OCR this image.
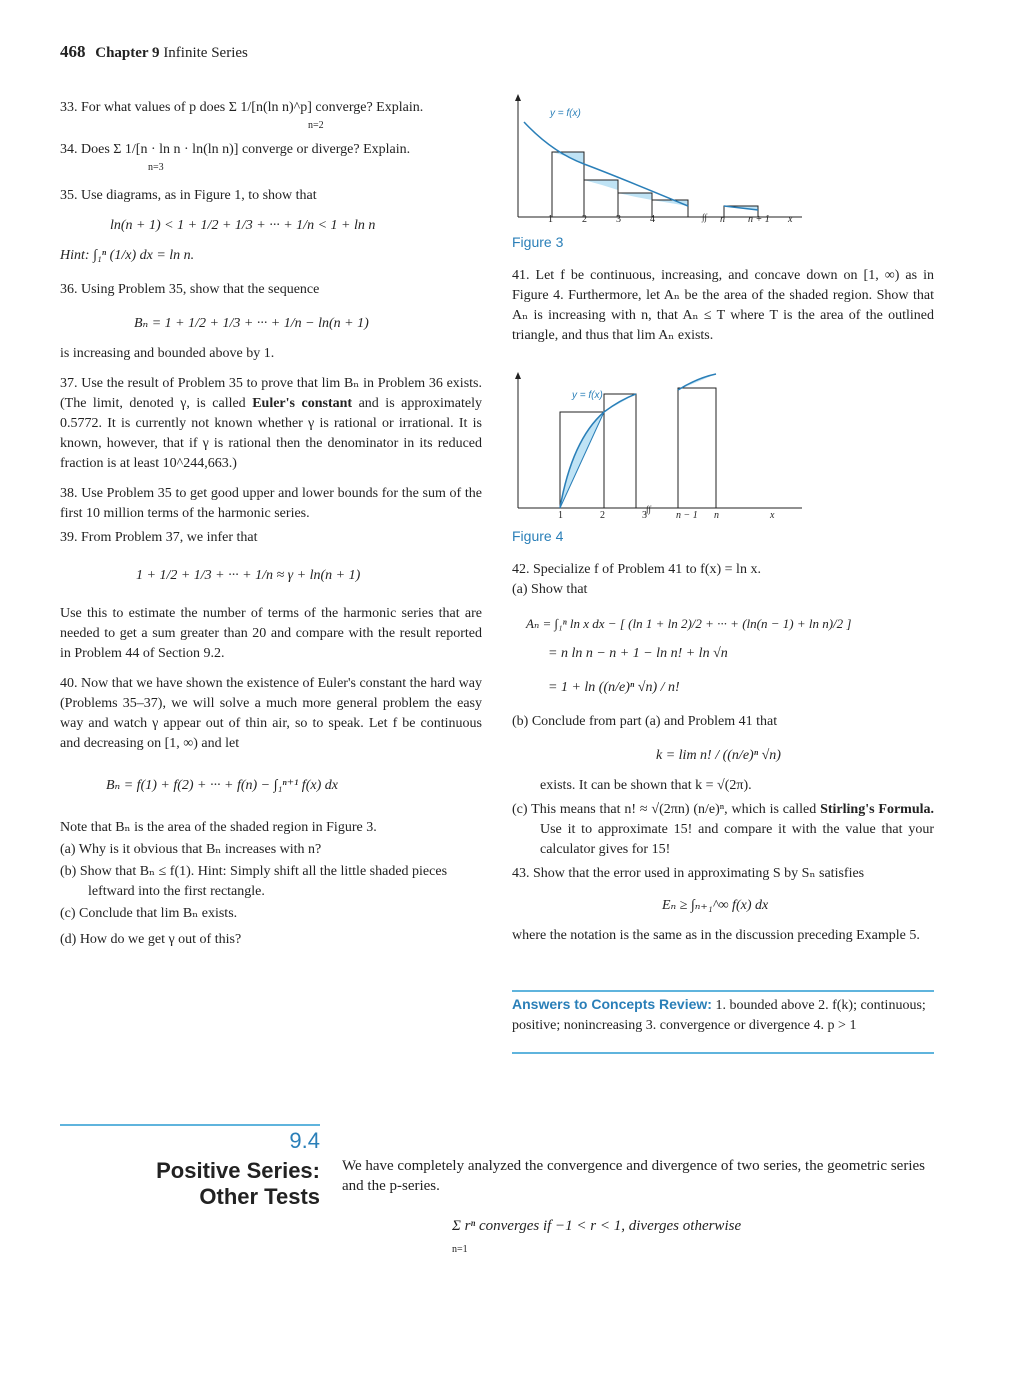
468 Chapter 9 Infinite Series

33. For what values of p does Σ 1/[n(ln n)^p] converge? Explain.

n=2

34. Does Σ 1/[n · ln n · ln(ln n)] converge or diverge? Explain.

n=3

35. Use diagrams, as in Figure 1, to show that

ln(n + 1) < 1 + 1/2 + 1/3 + ··· + 1/n < 1 + ln n

Hint: ∫₁ⁿ (1/x) dx = ln n.

36. Using Problem 35, show that the sequence

Bₙ = 1 + 1/2 + 1/3 + ··· + 1/n − ln(n + 1)

is increasing and bounded above by 1.

37. Use the result of Problem 35 to prove that lim Bₙ in Problem 36 exists. (The limit, denoted γ, is called Euler's constant and is approximately 0.5772. It is currently not known whether γ is rational or irrational. It is known, however, that if γ is rational then the denominator in its reduced fraction is at least 10^244,663.)

38. Use Problem 35 to get good upper and lower bounds for the sum of the first 10 million terms of the harmonic series.

39. From Problem 37, we infer that

1 + 1/2 + 1/3 + ··· + 1/n ≈ γ + ln(n + 1)

Use this to estimate the number of terms of the harmonic series that are needed to get a sum greater than 20 and compare with the result reported in Problem 44 of Section 9.2.

40. Now that we have shown the existence of Euler's constant the hard way (Problems 35–37), we will solve a much more general problem the easy way and watch γ appear out of thin air, so to speak. Let f be continuous and decreasing on [1, ∞) and let

Bₙ = f(1) + f(2) + ··· + f(n) − ∫₁ⁿ⁺¹ f(x) dx

Note that Bₙ is the area of the shaded region in Figure 3.

(a) Why is it obvious that Bₙ increases with n?

(b) Show that Bₙ ≤ f(1). Hint: Simply shift all the little shaded pieces leftward into the first rectangle.

(c) Conclude that lim Bₙ exists.

(d) How do we get γ out of this?

∫∫
y = f(x)
1	2	3	4	n n + 1 x
Figure 3
41. Let f be continuous, increasing, and concave down on [1, ∞) as in Figure 4. Furthermore, let Aₙ be the area of the shaded region. Show that Aₙ is increasing with n, that Aₙ ≤ T where T is the area of the outlined triangle, and thus that lim Aₙ exists.
∫∫
y = f(x)
1	2	3	n − 1 n	x
Figure 4

42. Specialize f of Problem 41 to f(x) = ln x.

(a) Show that

Aₙ = ∫₁ⁿ ln x dx − [ (ln 1 + ln 2)/2 + ··· + (ln(n − 1) + ln n)/2 ]

= n ln n − n + 1 − ln n! + ln √n

= 1 + ln ((n/e)ⁿ √n) / n!

(b) Conclude from part (a) and Problem 41 that

k = lim n! / ((n/e)ⁿ √n)

exists. It can be shown that k = √(2π).

(c) This means that n! ≈ √(2πn) (n/e)ⁿ, which is called Stirling's Formula. Use it to approximate 15! and compare it with the value that your calculator gives for 15!

43. Show that the error used in approximating S by Sₙ satisfies

Eₙ ≥ ∫ₙ₊₁^∞ f(x) dx

where the notation is the same as in the discussion preceding Example 5.

Answers to Concepts Review: 1. bounded above 2. f(k); continuous; positive; nonincreasing 3. convergence or divergence 4. p > 1
9.4
Positive Series:
Other Tests
We have completely analyzed the convergence and divergence of two series, the geometric series and the p-series.
Σ rⁿ converges if −1 < r < 1, diverges otherwise
n=1
